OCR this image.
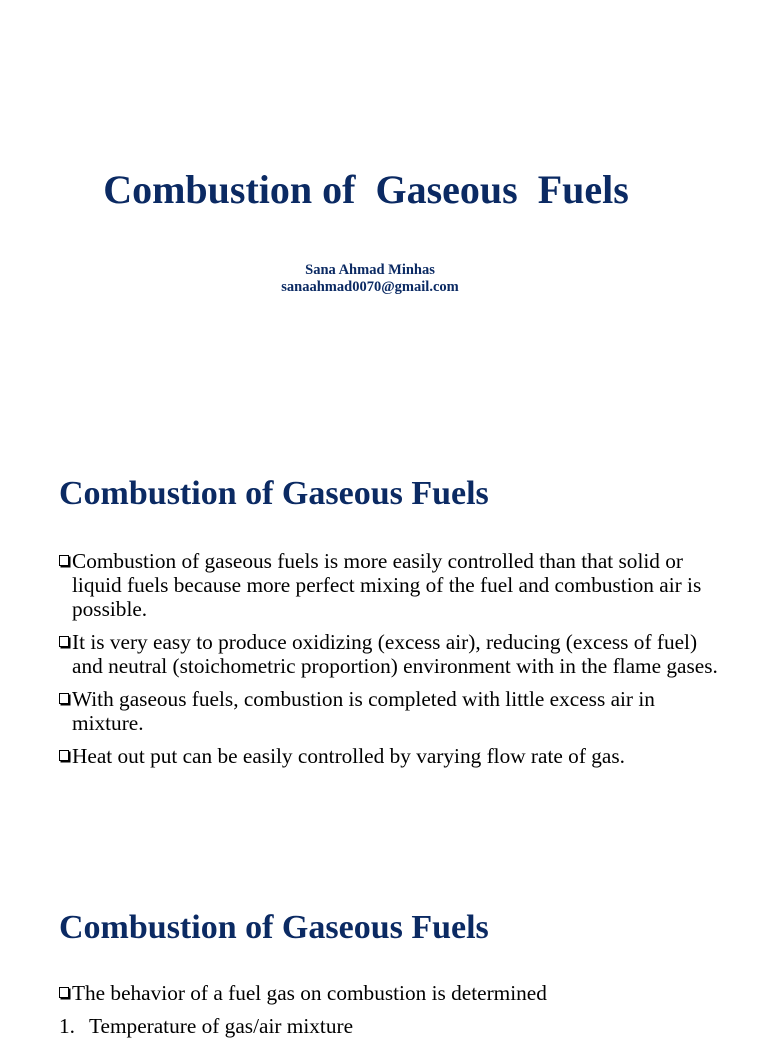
Combustion of  Gaseous  Fuels
Sana Ahmad Minhas
sanaahmad0070@gmail.com
Combustion of Gaseous Fuels
Combustion of gaseous fuels is more easily controlled than that solid or liquid fuels because more perfect mixing of the fuel and combustion air is possible.
It is very easy to produce oxidizing (excess air), reducing (excess of fuel) and neutral (stoichometric proportion) environment with in the flame gases.
With gaseous fuels, combustion is completed with little excess air in mixture.
Heat out put can be easily controlled by varying flow rate of gas.
Combustion of Gaseous Fuels
The behavior of a fuel gas on combustion is determined
1. Temperature of gas/air mixture
